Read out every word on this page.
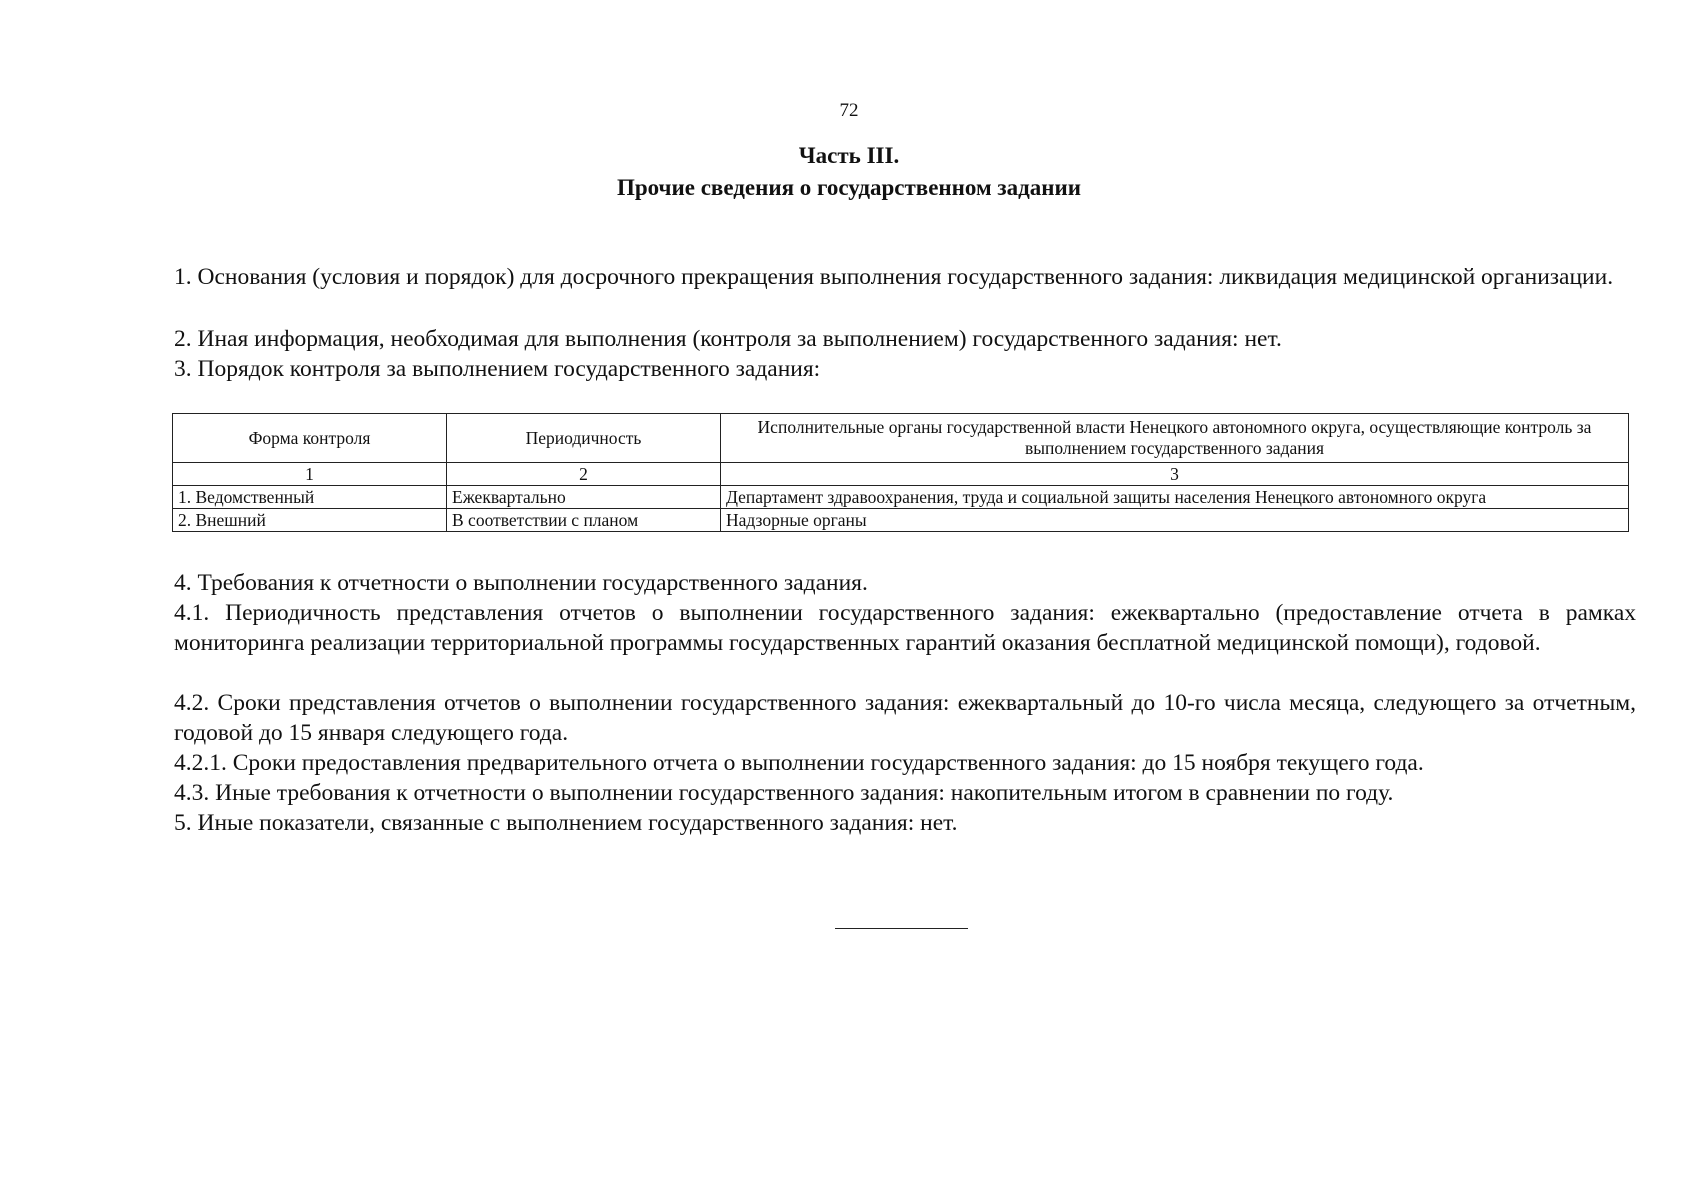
72
Часть III.
Прочие сведения о государственном задании
1. Основания (условия и порядок) для досрочного прекращения выполнения государственного задания: ликвидация медицинской организации.
2. Иная информация, необходимая для выполнения (контроля за выполнением) государственного задания: нет.
3. Порядок контроля за выполнением государственного задания:
Форма контроля	Периодичность	Исполнительные органы государственной власти Ненецкого автономного округа, осуществляющие контроль за выполнением государственного задания
1	2	3
1. Ведомственный	Ежеквартально	Департамент здравоохранения, труда и социальной защиты населения Ненецкого автономного округа
2. Внешний	В соответствии с планом	Надзорные органы
4. Требования к отчетности о выполнении государственного задания.
4.1. Периодичность представления отчетов о выполнении государственного задания: ежеквартально (предоставление отчета в рамках мониторинга реализации территориальной программы государственных гарантий оказания бесплатной медицинской помощи), годовой.
4.2. Сроки представления отчетов о выполнении государственного задания: ежеквартальный до 10-го числа месяца, следующего за отчетным, годовой до 15 января следующего года.
4.2.1. Сроки предоставления предварительного отчета о выполнении государственного задания: до 15 ноября текущего года.
4.3. Иные требования к отчетности о выполнении государственного задания: накопительным итогом в сравнении по году.
5. Иные показатели, связанные с выполнением государственного задания: нет.
